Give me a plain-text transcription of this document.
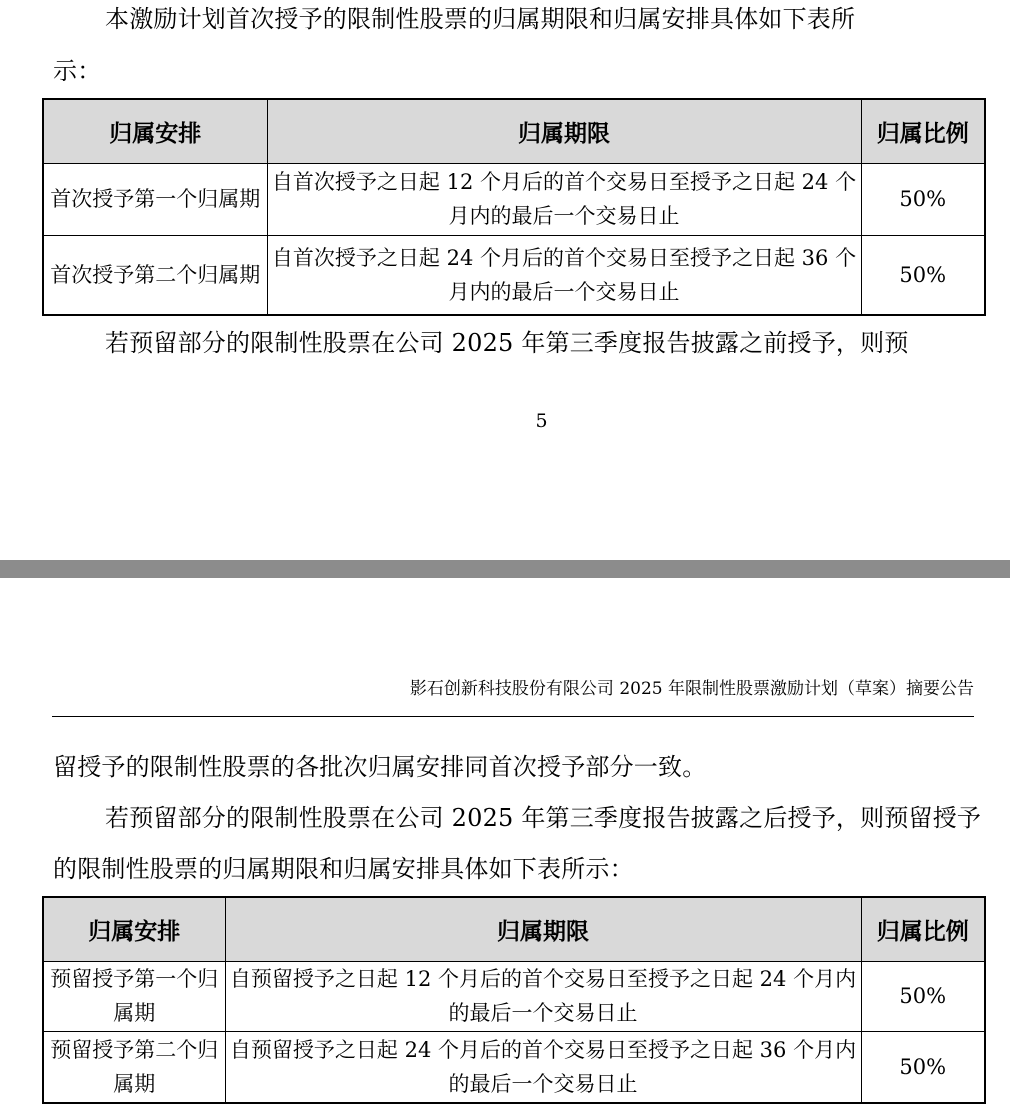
本激励计划首次授予的限制性股票的归属期限和归属安排具体如下表所

示：

归属安排	归属期限	归属比例
首次授予第一个归属期	自首次授予之日起 12 个月后的首个交易日至授予之日起 24 个月内的最后一个交易日止	50%
首次授予第二个归属期	自首次授予之日起 24 个月后的首个交易日至授予之日起 36 个月内的最后一个交易日止	50%

若预留部分的限制性股票在公司 2025 年第三季度报告披露之前授予，则预

5
影石创新科技股份有限公司 2025 年限制性股票激励计划（草案）摘要公告

留授予的限制性股票的各批次归属安排同首次授予部分一致。

若预留部分的限制性股票在公司 2025 年第三季度报告披露之后授予，则预留授予的限制性股票的归属期限和归属安排具体如下表所示：

归属安排	归属期限	归属比例
预留授予第一个归属期	自预留授予之日起 12 个月后的首个交易日至授予之日起 24 个月内的最后一个交易日止	50%
预留授予第二个归属期	自预留授予之日起 24 个月后的首个交易日至授予之日起 36 个月内的最后一个交易日止	50%
